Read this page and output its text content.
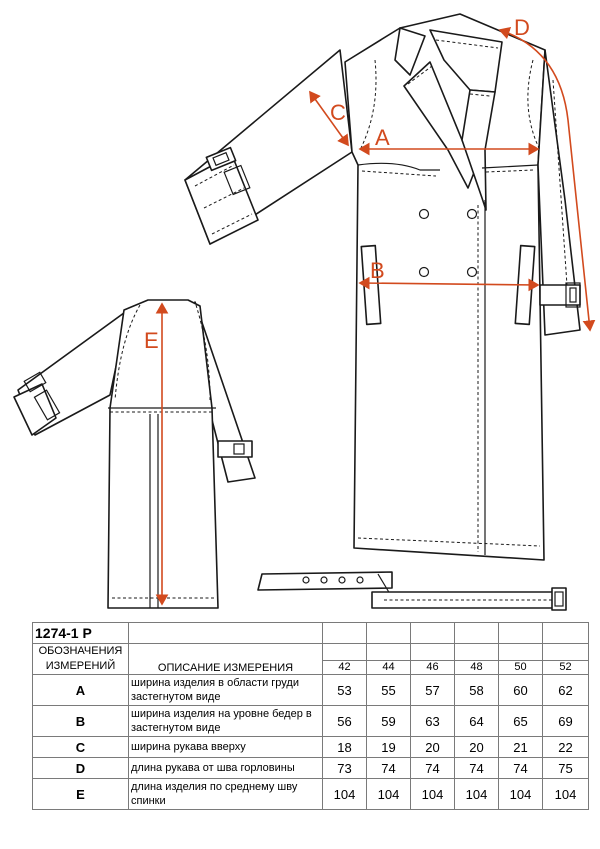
A
B
C
D
E
1274-1 Р							
ОБОЗНАЧЕНИЯ
ИЗМЕРЕНИЙ	ОПИСАНИЕ ИЗМЕРЕНИЯ						
		42	44	46	48	50	52
A	ширина изделия в области груди застегнутом виде	53	55	57	58	60	62
B	ширина изделия на уровне бедер в застегнутом виде	56	59	63	64	65	69
C	ширина рукава вверху	18	19	20	20	21	22
D	длина рукава от шва горловины	73	74	74	74	74	75
E	длина изделия по среднему шву спинки	104	104	104	104	104	104
